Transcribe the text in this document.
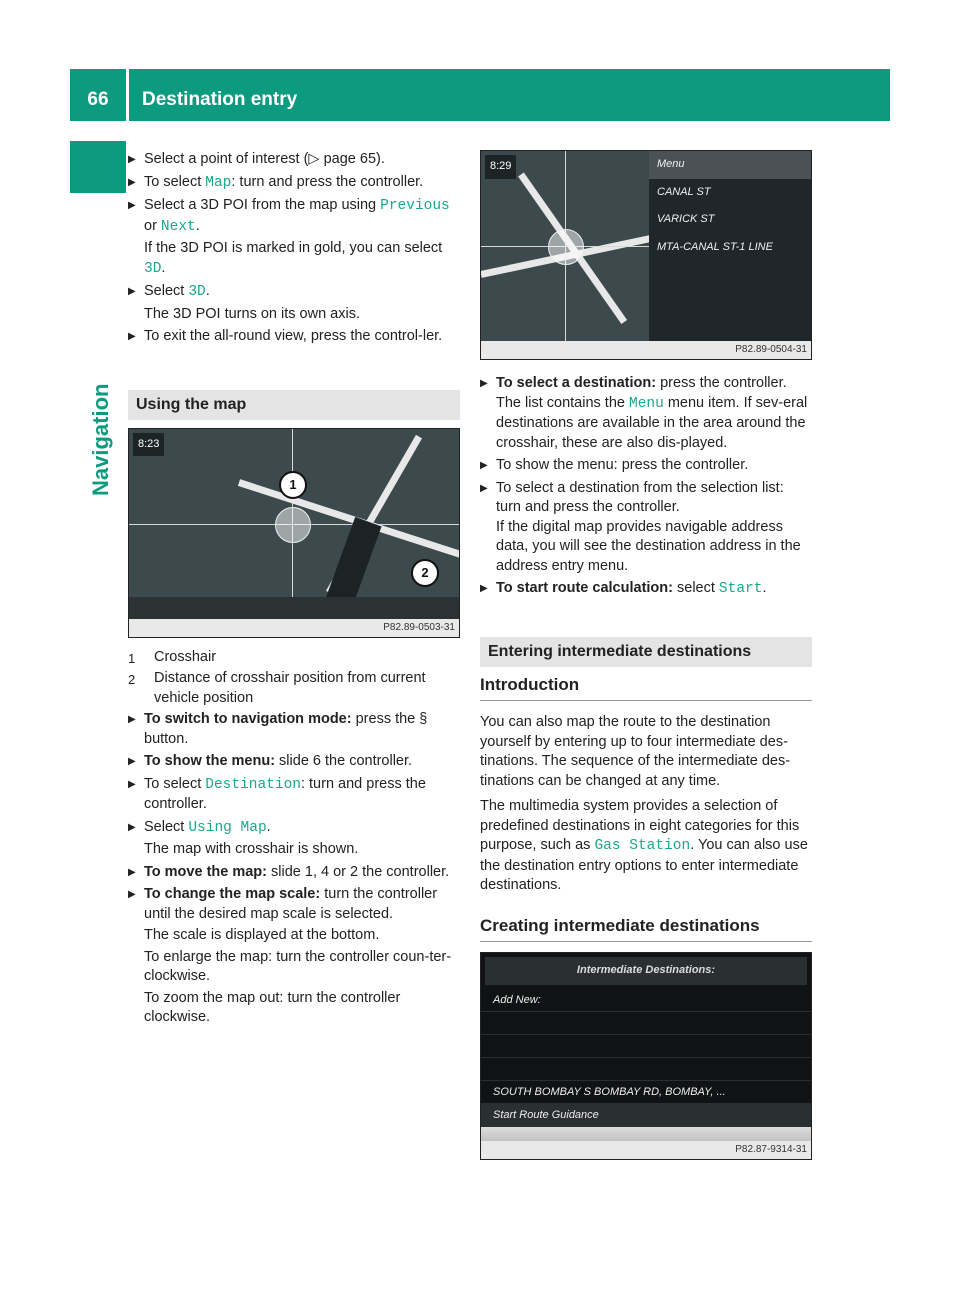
66	Destination entry
Navigation
▶ Select a point of interest (▷ page 65).
▶ To select Map: turn and press the controller.
▶ Select a 3D POI from the map using Previous or Next.
If the 3D POI is marked in gold, you can select 3D.
▶ Select 3D.
The 3D POI turns on its own axis.
▶ To exit the all-round view, press the control-ler.
Using the map
8:23
1
2
P82.89-0503-31
1 Crosshair
2 Distance of crosshair position from current vehicle position
▶ To switch to navigation mode: press the § button.
▶ To show the menu: slide 6 the controller.
▶ To select Destination: turn and press the controller.
▶ Select Using Map.
The map with crosshair is shown.
▶ To move the map: slide 1, 4 or 2 the controller.
▶ To change the map scale: turn the controller until the desired map scale is selected.
The scale is displayed at the bottom.
To enlarge the map: turn the controller coun-ter-clockwise.
To zoom the map out: turn the controller clockwise.
8:29	Menu
CANAL ST
VARICK ST
MTA-CANAL ST-1 LINE
P82.89-0504-31
▶ To select a destination: press the controller.
The list contains the Menu menu item. If sev-eral destinations are available in the area around the crosshair, these are also dis-played.
▶ To show the menu: press the controller.
▶ To select a destination from the selection list: turn and press the controller.
If the digital map provides navigable address data, you will see the destination address in the address entry menu.
▶ To start route calculation: select Start.
Entering intermediate destinations
Introduction
You can also map the route to the destination yourself by entering up to four intermediate des-tinations. The sequence of the intermediate des-tinations can be changed at any time.
The multimedia system provides a selection of predefined destinations in eight categories for this purpose, such as Gas Station. You can also use the destination entry options to enter intermediate destinations.
Creating intermediate destinations
Intermediate Destinations:
Add New:
SOUTH BOMBAY S BOMBAY RD, BOMBAY, ...
Start Route Guidance
P82.87-9314-31
